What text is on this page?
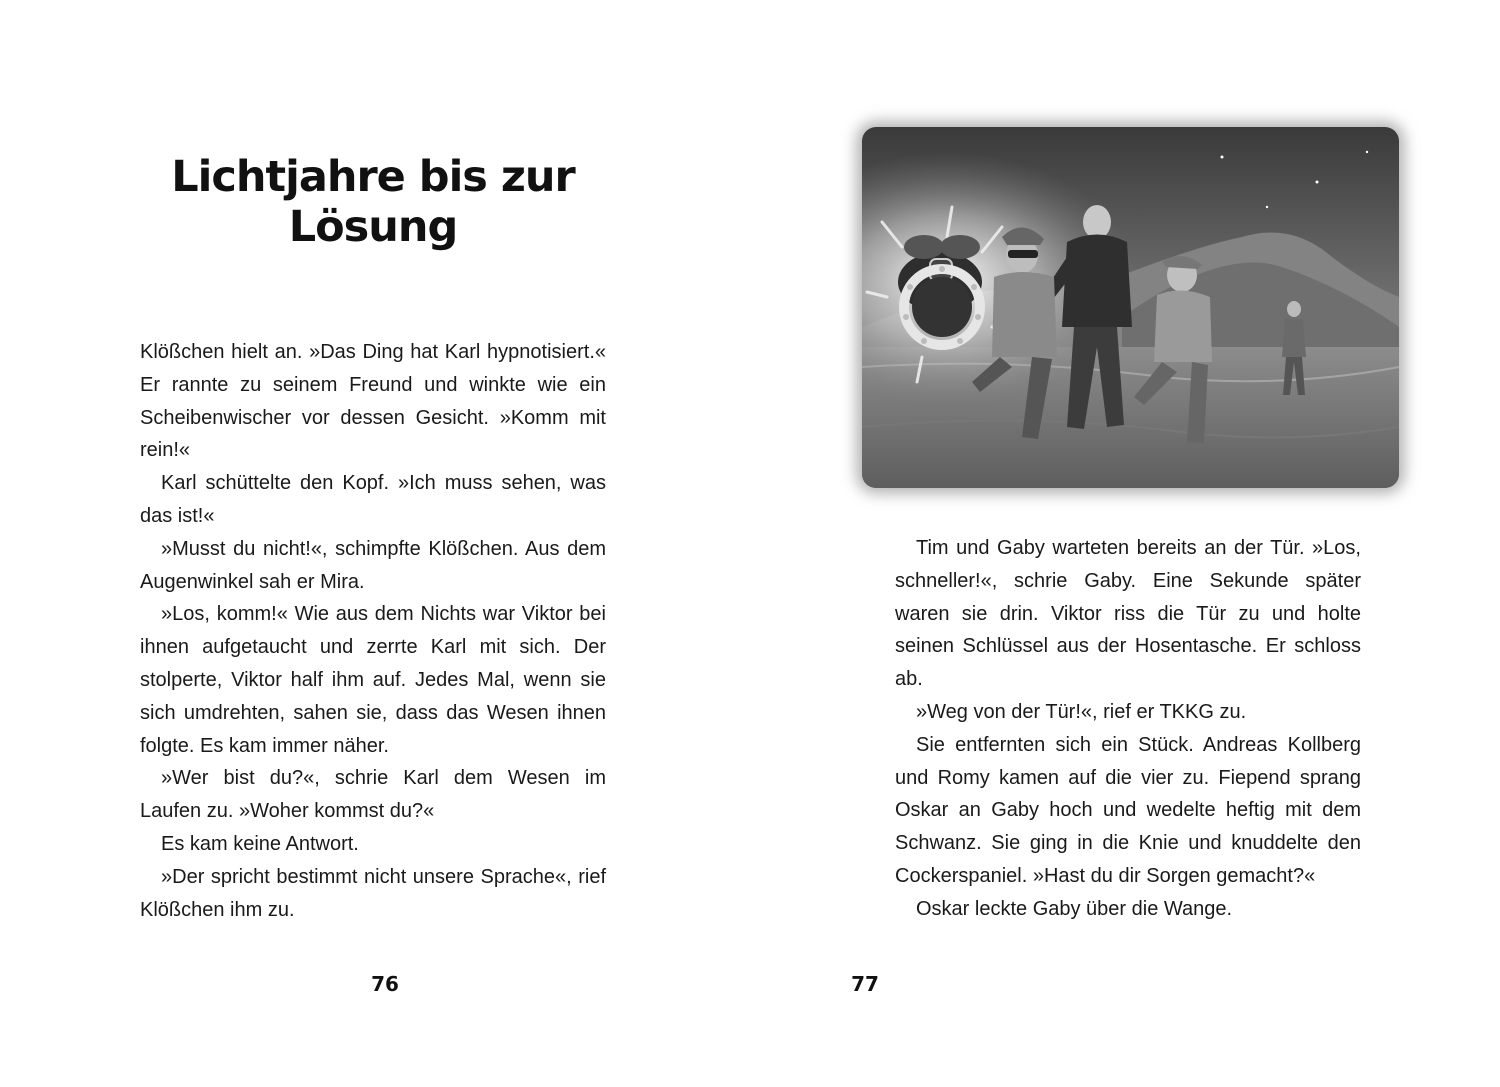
Lichtjahre bis zur
Lösung

Klößchen hielt an. »Das Ding hat Karl hypnotisiert.« Er rannte zu seinem Freund und winkte wie ein Scheibenwischer vor dessen Gesicht. »Komm mit rein!«

Karl schüttelte den Kopf. »Ich muss sehen, was das ist!«

»Musst du nicht!«, schimpfte Klößchen. Aus dem Augenwinkel sah er Mira.

»Los, komm!« Wie aus dem Nichts war Viktor bei ihnen aufgetaucht und zerrte Karl mit sich. Der stolperte, Viktor half ihm auf. Jedes Mal, wenn sie sich umdrehten, sahen sie, dass das Wesen ihnen folgte. Es kam immer näher.

»Wer bist du?«, schrie Karl dem Wesen im Laufen zu. »Woher kommst du?«

Es kam keine Antwort.

»Der spricht bestimmt nicht unsere Sprache«, rief Klößchen ihm zu.

76

Tim und Gaby warteten bereits an der Tür. »Los, schneller!«, schrie Gaby. Eine Sekunde später waren sie drin. Viktor riss die Tür zu und holte seinen Schlüssel aus der Hosentasche. Er schloss ab.

»Weg von der Tür!«, rief er TKKG zu.

Sie entfernten sich ein Stück. Andreas Kollberg und Romy kamen auf die vier zu. Fiepend sprang Oskar an Gaby hoch und wedelte heftig mit dem Schwanz. Sie ging in die Knie und knuddelte den Cockerspaniel. »Hast du dir Sorgen gemacht?«

Oskar leckte Gaby über die Wange.

77
